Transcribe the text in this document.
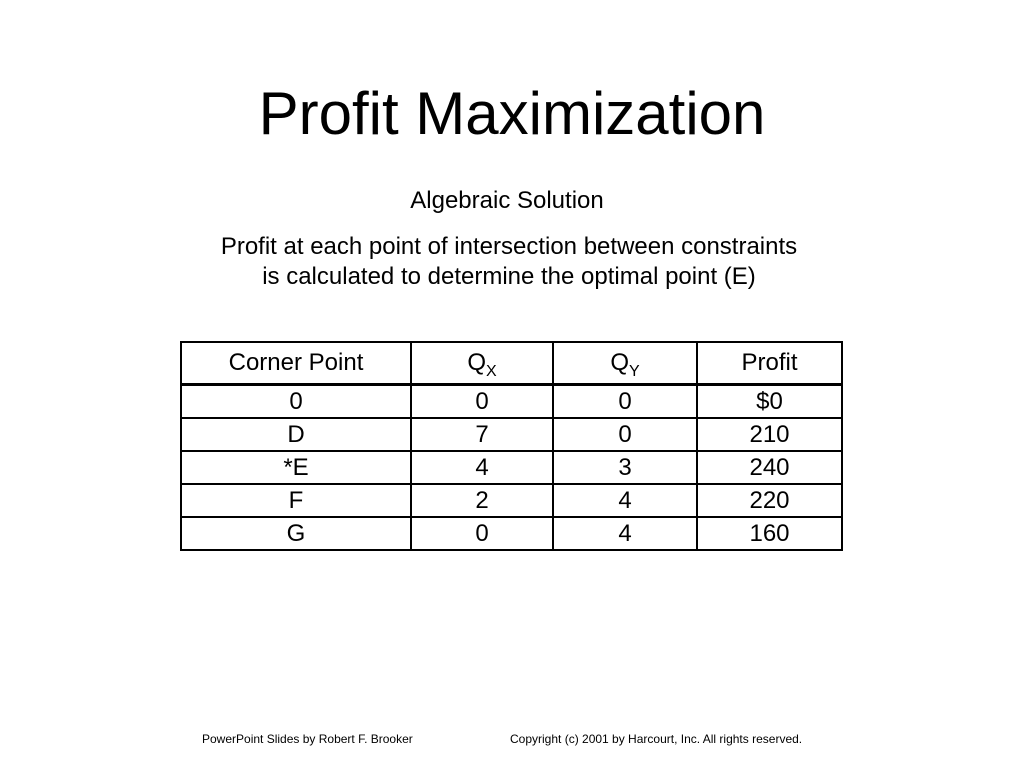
Profit Maximization
Algebraic Solution
Profit at each point of intersection between constraints
is calculated to determine the optimal point (E)
Corner Point	$Q_X$	$Q_Y$	Profit
0	0	0	$0
D	7	0	210
*E	4	3	240
F	2	4	220
G	0	4	160
PowerPoint Slides by Robert F. Brooker	Copyright (c) 2001 by Harcourt, Inc. All rights reserved.
